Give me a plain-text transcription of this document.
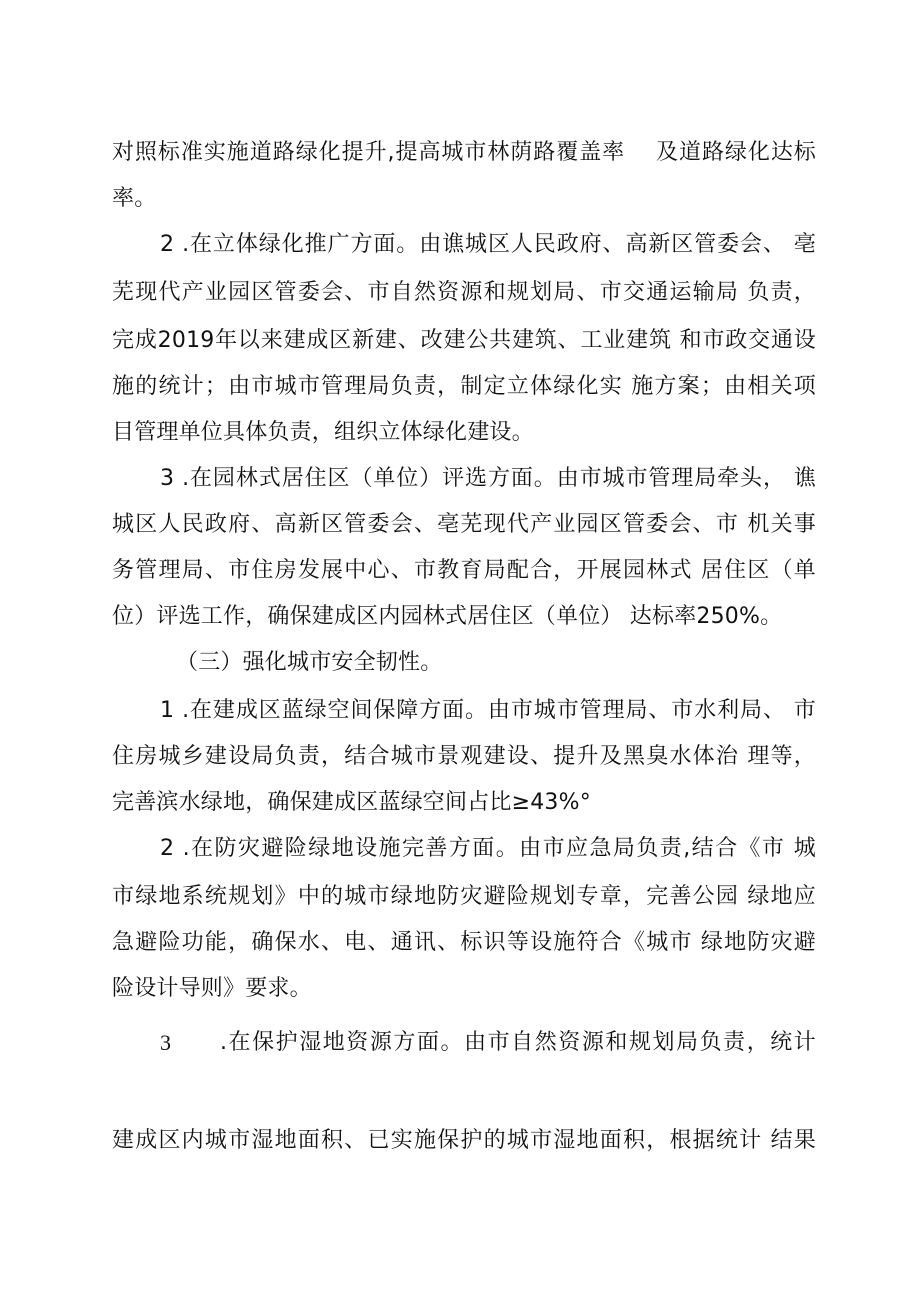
对照标准实施道路绿化提升,提高城市林荫路覆盖率　 及道路绿化达标
率。
2 .在立体绿化推广方面。由谯城区人民政府、高新区管委会、 亳
芜现代产业园区管委会、市自然资源和规划局、市交通运输局 负责，
完成2019年以来建成区新建、改建公共建筑、工业建筑 和市政交通设
施的统计；由市城市管理局负责，制定立体绿化实 施方案；由相关项
目管理单位具体负责，组织立体绿化建设。
3 .在园林式居住区（单位）评选方面。由市城市管理局牵头， 谯
城区人民政府、高新区管委会、亳芜现代产业园区管委会、市 机关事
务管理局、市住房发展中心、市教育局配合，开展园林式 居住区（单
位）评选工作，确保建成区内园林式居住区（单位） 达标率250%。
（三）强化城市安全韧性。
1 .在建成区蓝绿空间保障方面。由市城市管理局、市水利局、 市
住房城乡建设局负责，结合城市景观建设、提升及黑臭水体治 理等，
完善滨水绿地，确保建成区蓝绿空间占比≥43%°
2 .在防灾避险绿地设施完善方面。由市应急局负责,结合《市 城
市绿地系统规划》中的城市绿地防灾避险规划专章，完善公园 绿地应
急避险功能，确保水、电、通讯、标识等设施符合《城市 绿地防灾避
险设计导则》要求。
3	.在保护湿地资源方面。由市自然资源和规划局负责，统计
建成区内城市湿地面积、已实施保护的城市湿地面积，根据统计 结果
